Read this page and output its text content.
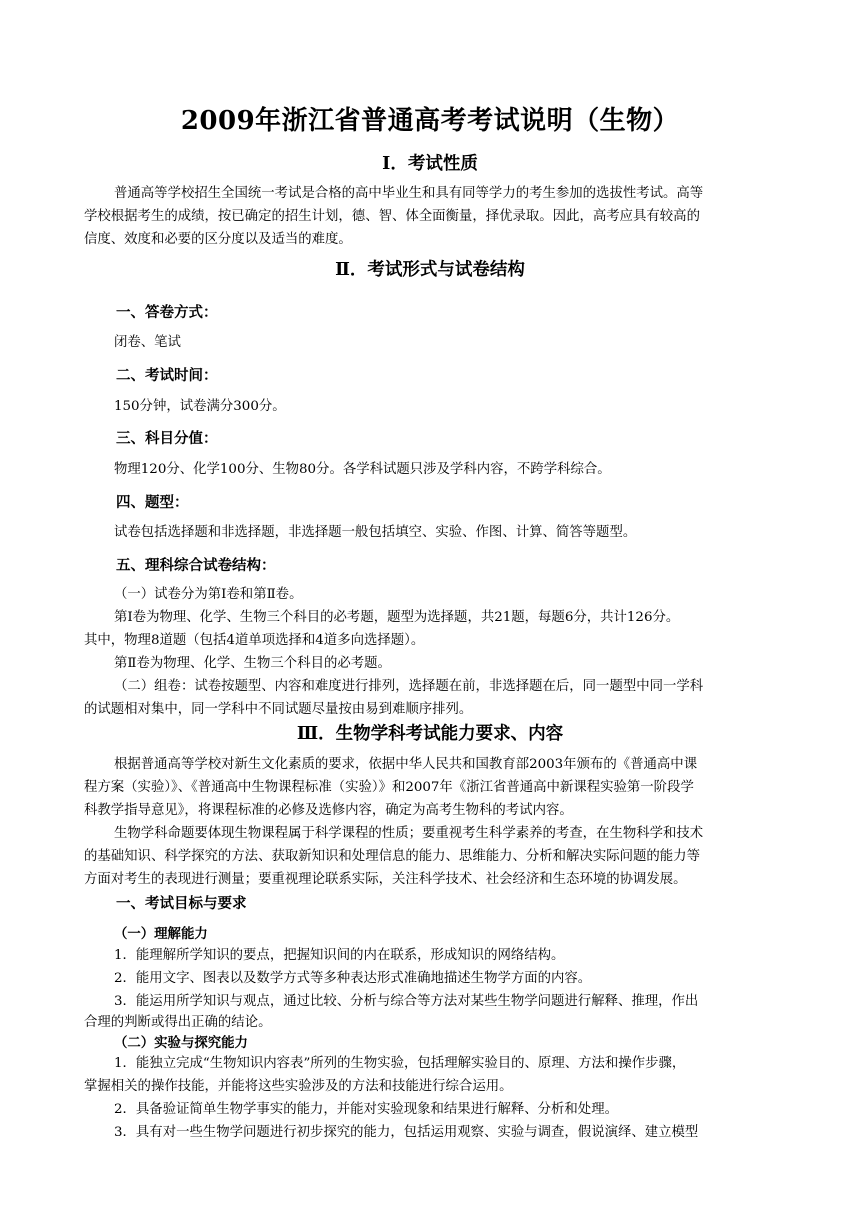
2009年浙江省普通高考考试说明（生物）
Ⅰ．考试性质
普通高等学校招生全国统一考试是合格的高中毕业生和具有同等学力的考生参加的选拔性考试。高等
学校根据考生的成绩，按已确定的招生计划，德、智、体全面衡量，择优录取。因此，高考应具有较高的
信度、效度和必要的区分度以及适当的难度。
Ⅱ．考试形式与试卷结构
一、答卷方式：
闭卷、笔试
二、考试时间：
150分钟，试卷满分300分。
三、科目分值：
物理120分、化学100分、生物80分。各学科试题只涉及学科内容，不跨学科综合。
四、题型：
试卷包括选择题和非选择题，非选择题一般包括填空、实验、作图、计算、简答等题型。
五、理科综合试卷结构：
（一）试卷分为第Ⅰ卷和第Ⅱ卷。
第Ⅰ卷为物理、化学、生物三个科目的必考题，题型为选择题，共21题，每题6分，共计126分。
其中，物理8道题（包括4道单项选择和4道多向选择题）。
第Ⅱ卷为物理、化学、生物三个科目的必考题。
（二）组卷：试卷按题型、内容和难度进行排列，选择题在前，非选择题在后，同一题型中同一学科
的试题相对集中，同一学科中不同试题尽量按由易到难顺序排列。
Ⅲ．生物学科考试能力要求、内容
根据普通高等学校对新生文化素质的要求，依据中华人民共和国教育部2003年颁布的《普通高中课
程方案（实验）》、《普通高中生物课程标准（实验）》和2007年《浙江省普通高中新课程实验第一阶段学
科教学指导意见》，将课程标准的必修及选修内容，确定为高考生物科的考试内容。
生物学科命题要体现生物课程属于科学课程的性质；要重视考生科学素养的考查，在生物科学和技术
的基础知识、科学探究的方法、获取新知识和处理信息的能力、思维能力、分析和解决实际问题的能力等
方面对考生的表现进行测量；要重视理论联系实际，关注科学技术、社会经济和生态环境的协调发展。
一、考试目标与要求
（一）理解能力
1．能理解所学知识的要点，把握知识间的内在联系，形成知识的网络结构。
2．能用文字、图表以及数学方式等多种表达形式准确地描述生物学方面的内容。
3．能运用所学知识与观点，通过比较、分析与综合等方法对某些生物学问题进行解释、推理，作出
合理的判断或得出正确的结论。
（二）实验与探究能力
1．能独立完成“生物知识内容表”所列的生物实验，包括理解实验目的、原理、方法和操作步骤，
掌握相关的操作技能，并能将这些实验涉及的方法和技能进行综合运用。
2．具备验证简单生物学事实的能力，并能对实验现象和结果进行解释、分析和处理。
3．具有对一些生物学问题进行初步探究的能力，包括运用观察、实验与调查，假说演绎、建立模型
